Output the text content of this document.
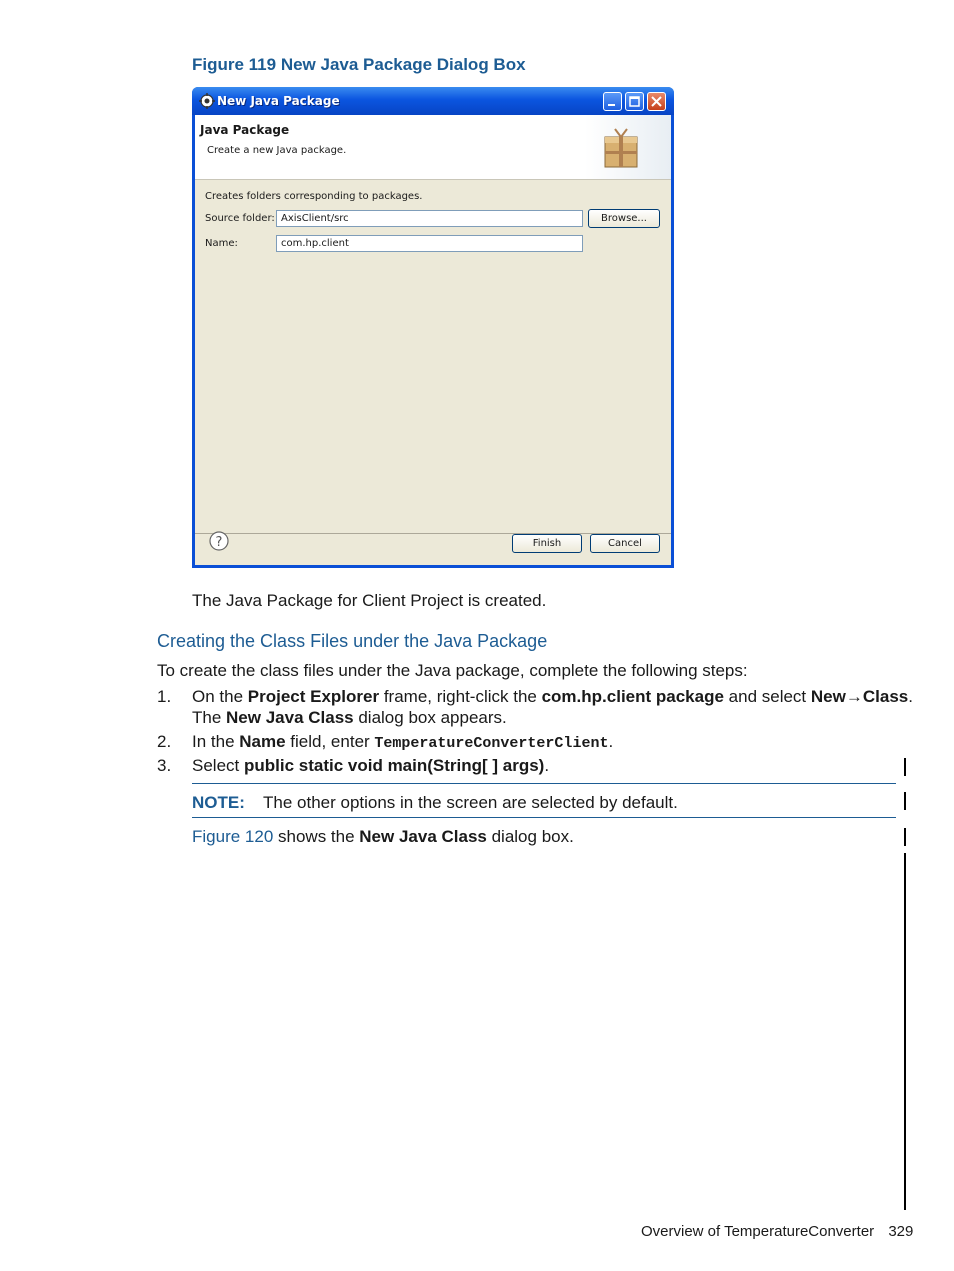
Figure 119 New Java Package Dialog Box
New Java Package
Java Package
Create a new Java package.
Creates folders corresponding to packages.
Source folder: AxisClient/src	Browse...
Name:	com.hp.client
?	Finish	Cancel
The Java Package for Client Project is created.
Creating the Class Files under the Java Package
To create the class files under the Java package, complete the following steps:
1. On the Project Explorer frame, right-click the com.hp.client package and select New→Class.
The New Java Class dialog box appears.
2. In the Name field, enter TemperatureConverterClient.
3. Select public static void main(String[ ] args).
NOTE: The other options in the screen are selected by default.
Figure 120 shows the New Java Class dialog box.
Overview of TemperatureConverter 329
